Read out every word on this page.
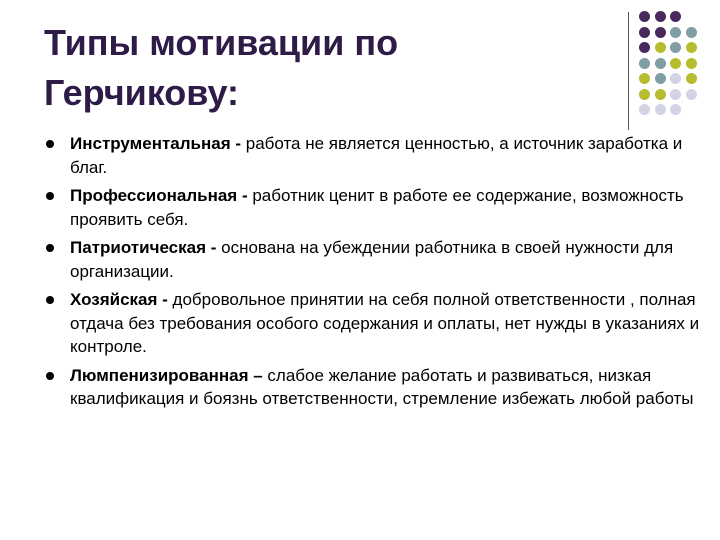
Типы мотивации по
Герчикову:
Инструментальная - работа не является ценностью, а источник заработка и благ.
Профессиональная - работник ценит в работе ее содержание, возможность проявить себя.
Патриотическая - основана на убеждении работника в своей нужности для организации.
Хозяйская - добровольное принятии на себя полной ответственности , полная отдача без требования особого содержания и оплаты, нет нужды в указаниях и контроле.
Люмпенизированная – слабое желание работать и развиваться, низкая квалификация и боязнь ответственности, стремление избежать любой работы
